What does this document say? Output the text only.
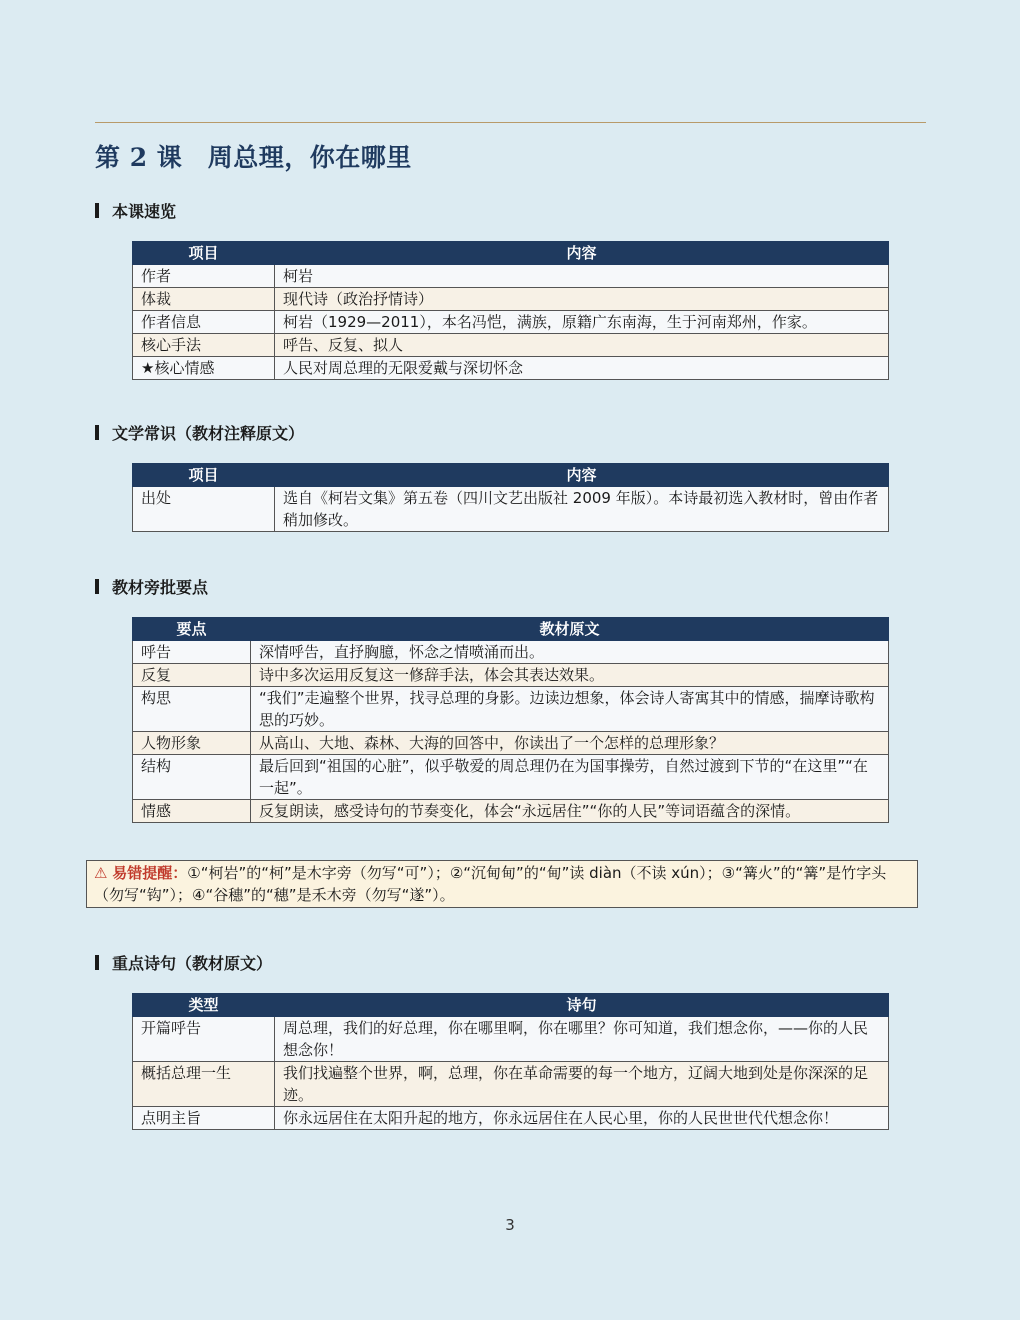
第 2 课　周总理，你在哪里
本课速览
项目	内容
作者	柯岩
体裁	现代诗（政治抒情诗）
作者信息	柯岩（1929—2011），本名冯恺，满族，原籍广东南海，生于河南郑州，作家。
核心手法	呼告、反复、拟人
★核心情感	人民对周总理的无限爱戴与深切怀念
文学常识（教材注释原文）
项目	内容
出处	选自《柯岩文集》第五卷（四川文艺出版社 2009 年版）。本诗最初选入教材时，曾由作者稍加修改。
教材旁批要点
要点	教材原文
呼告	深情呼告，直抒胸臆，怀念之情喷涌而出。
反复	诗中多次运用反复这一修辞手法，体会其表达效果。
构思	“我们”走遍整个世界，找寻总理的身影。边读边想象，体会诗人寄寓其中的情感，揣摩诗歌构思的巧妙。
人物形象	从高山、大地、森林、大海的回答中，你读出了一个怎样的总理形象？
结构	最后回到“祖国的心脏”，似乎敬爱的周总理仍在为国事操劳，自然过渡到下节的“在这里”“在一起”。
情感	反复朗读，感受诗句的节奏变化，体会“永远居住”“你的人民”等词语蕴含的深情。
⚠ 易错提醒：①“柯岩”的“柯”是木字旁（勿写“可”）；②“沉甸甸”的“甸”读 diàn（不读 xún）；③“篝火”的“篝”是竹字头（勿写“钩”）；④“谷穗”的“穗”是禾木旁（勿写“遂”）。
重点诗句（教材原文）
类型	诗句
开篇呼告	周总理，我们的好总理，你在哪里啊，你在哪里？你可知道，我们想念你，——你的人民想念你！
概括总理一生	我们找遍整个世界，啊，总理，你在革命需要的每一个地方，辽阔大地到处是你深深的足迹。
点明主旨	你永远居住在太阳升起的地方，你永远居住在人民心里，你的人民世世代代想念你！
3
